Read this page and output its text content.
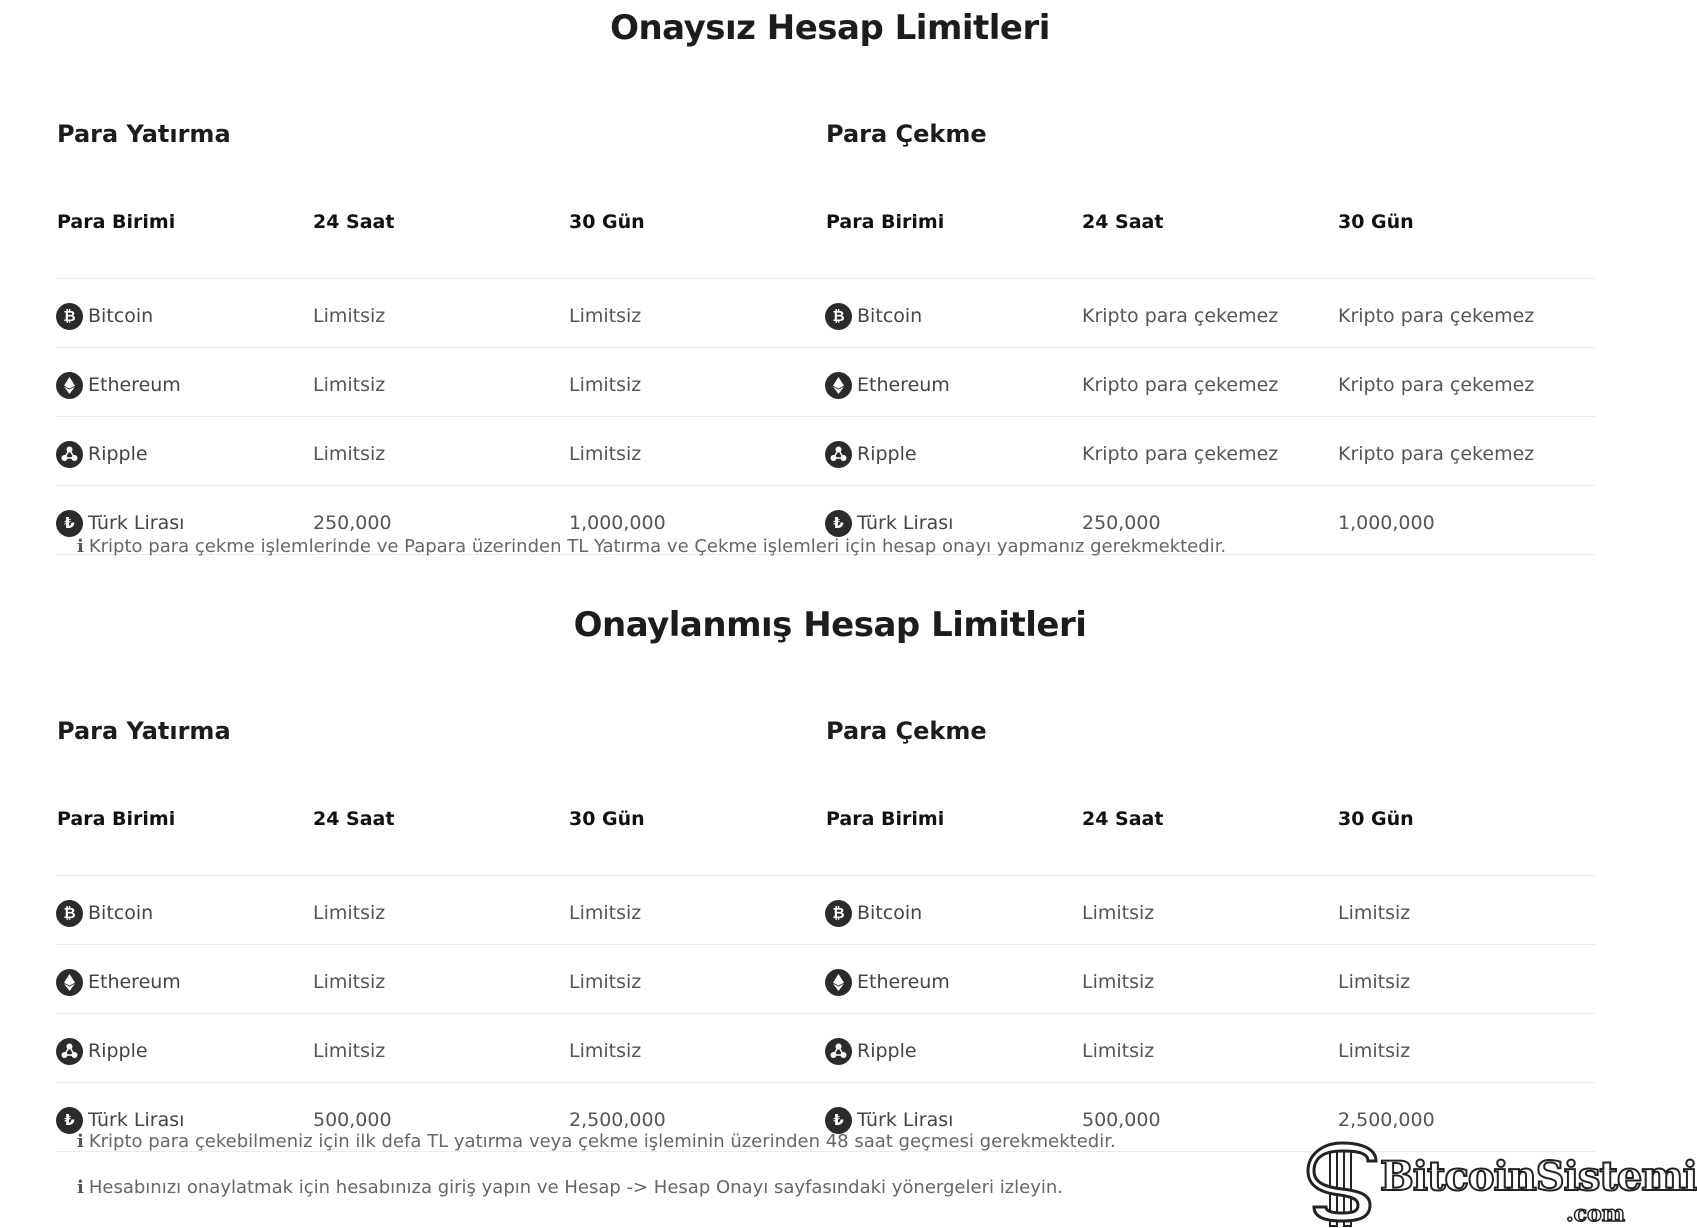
Onaysız Hesap Limitleri
Para Yatırma
Para Birimi	24 Saat	30 Gün
₿ Bitcoin	Limitsiz	Limitsiz
Ethereum	Limitsiz	Limitsiz
Ripple	Limitsiz	Limitsiz
₺ Türk Lirası	250,000	1,000,000
Para Çekme
Para Birimi	24 Saat	30 Gün
₿ Bitcoin	Kripto para çekemez	Kripto para çekemez
Ethereum	Kripto para çekemez	Kripto para çekemez
Ripple	Kripto para çekemez	Kripto para çekemez
₺ Türk Lirası	250,000	1,000,000
i Kripto para çekme işlemlerinde ve Papara üzerinden TL Yatırma ve Çekme işlemleri için hesap onayı yapmanız gerekmektedir.
Onaylanmış Hesap Limitleri
Para Yatırma
Para Birimi	24 Saat	30 Gün
₿ Bitcoin	Limitsiz	Limitsiz
Ethereum	Limitsiz	Limitsiz
Ripple	Limitsiz	Limitsiz
₺ Türk Lirası	500,000	2,500,000
Para Çekme
Para Birimi	24 Saat	30 Gün
₿ Bitcoin	Limitsiz	Limitsiz
Ethereum	Limitsiz	Limitsiz
Ripple	Limitsiz	Limitsiz
₺ Türk Lirası	500,000	2,500,000
i Kripto para çekebilmeniz için ilk defa TL yatırma veya çekme işleminin üzerinden 48 saat geçmesi gerekmektedir.
i Hesabınızı onaylatmak için hesabınıza giriş yapın ve Hesap -> Hesap Onayı sayfasındaki yönergeleri izleyin.	BitcoinSistemi
.com
